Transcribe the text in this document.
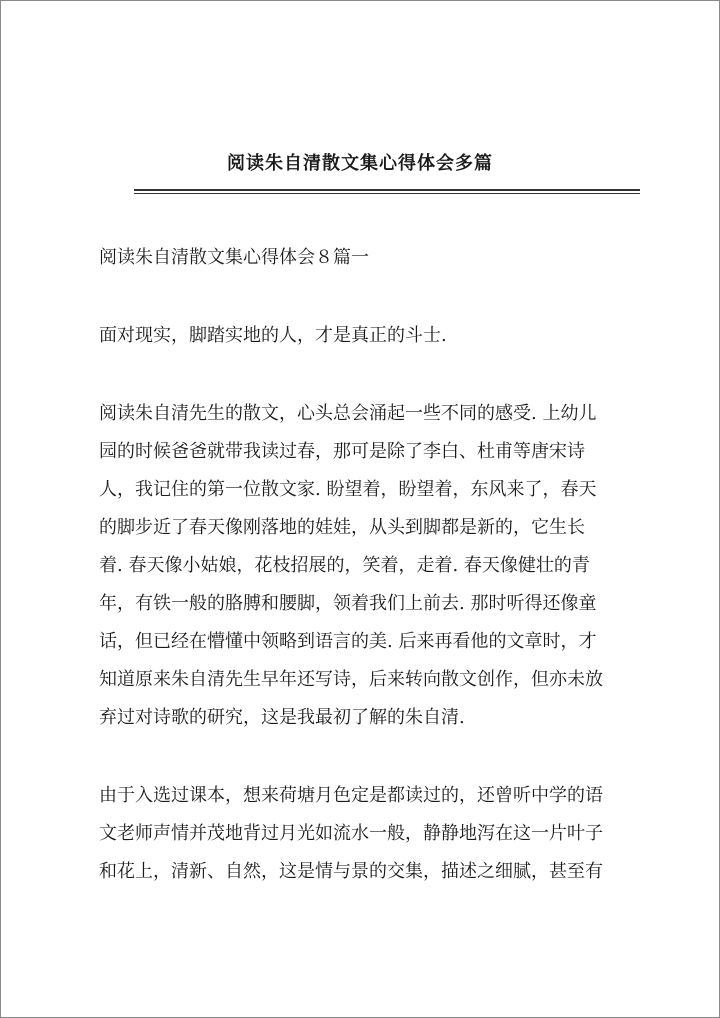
阅读朱自清散文集心得体会多篇
阅读朱自清散文集心得体会８篇一
面对现实，脚踏实地的人，才是真正的斗士.
阅读朱自清先生的散文，心头总会涌起一些不同的感受. 上幼儿
园的时候爸爸就带我读过春，那可是除了李白、杜甫等唐宋诗
人，我记住的第一位散文家. 盼望着，盼望着，东风来了，春天
的脚步近了春天像刚落地的娃娃，从头到脚都是新的，它生长
着. 春天像小姑娘，花枝招展的，笑着，走着. 春天像健壮的青
年，有铁一般的胳膊和腰脚，领着我们上前去. 那时听得还像童
话，但已经在懵懂中领略到语言的美. 后来再看他的文章时，才
知道原来朱自清先生早年还写诗，后来转向散文创作，但亦未放
弃过对诗歌的研究，这是我最初了解的朱自清.
由于入选过课本，想来荷塘月色定是都读过的，还曾听中学的语
文老师声情并茂地背过月光如流水一般，静静地泻在这一片叶子
和花上，清新、自然，这是情与景的交集，描述之细腻，甚至有
